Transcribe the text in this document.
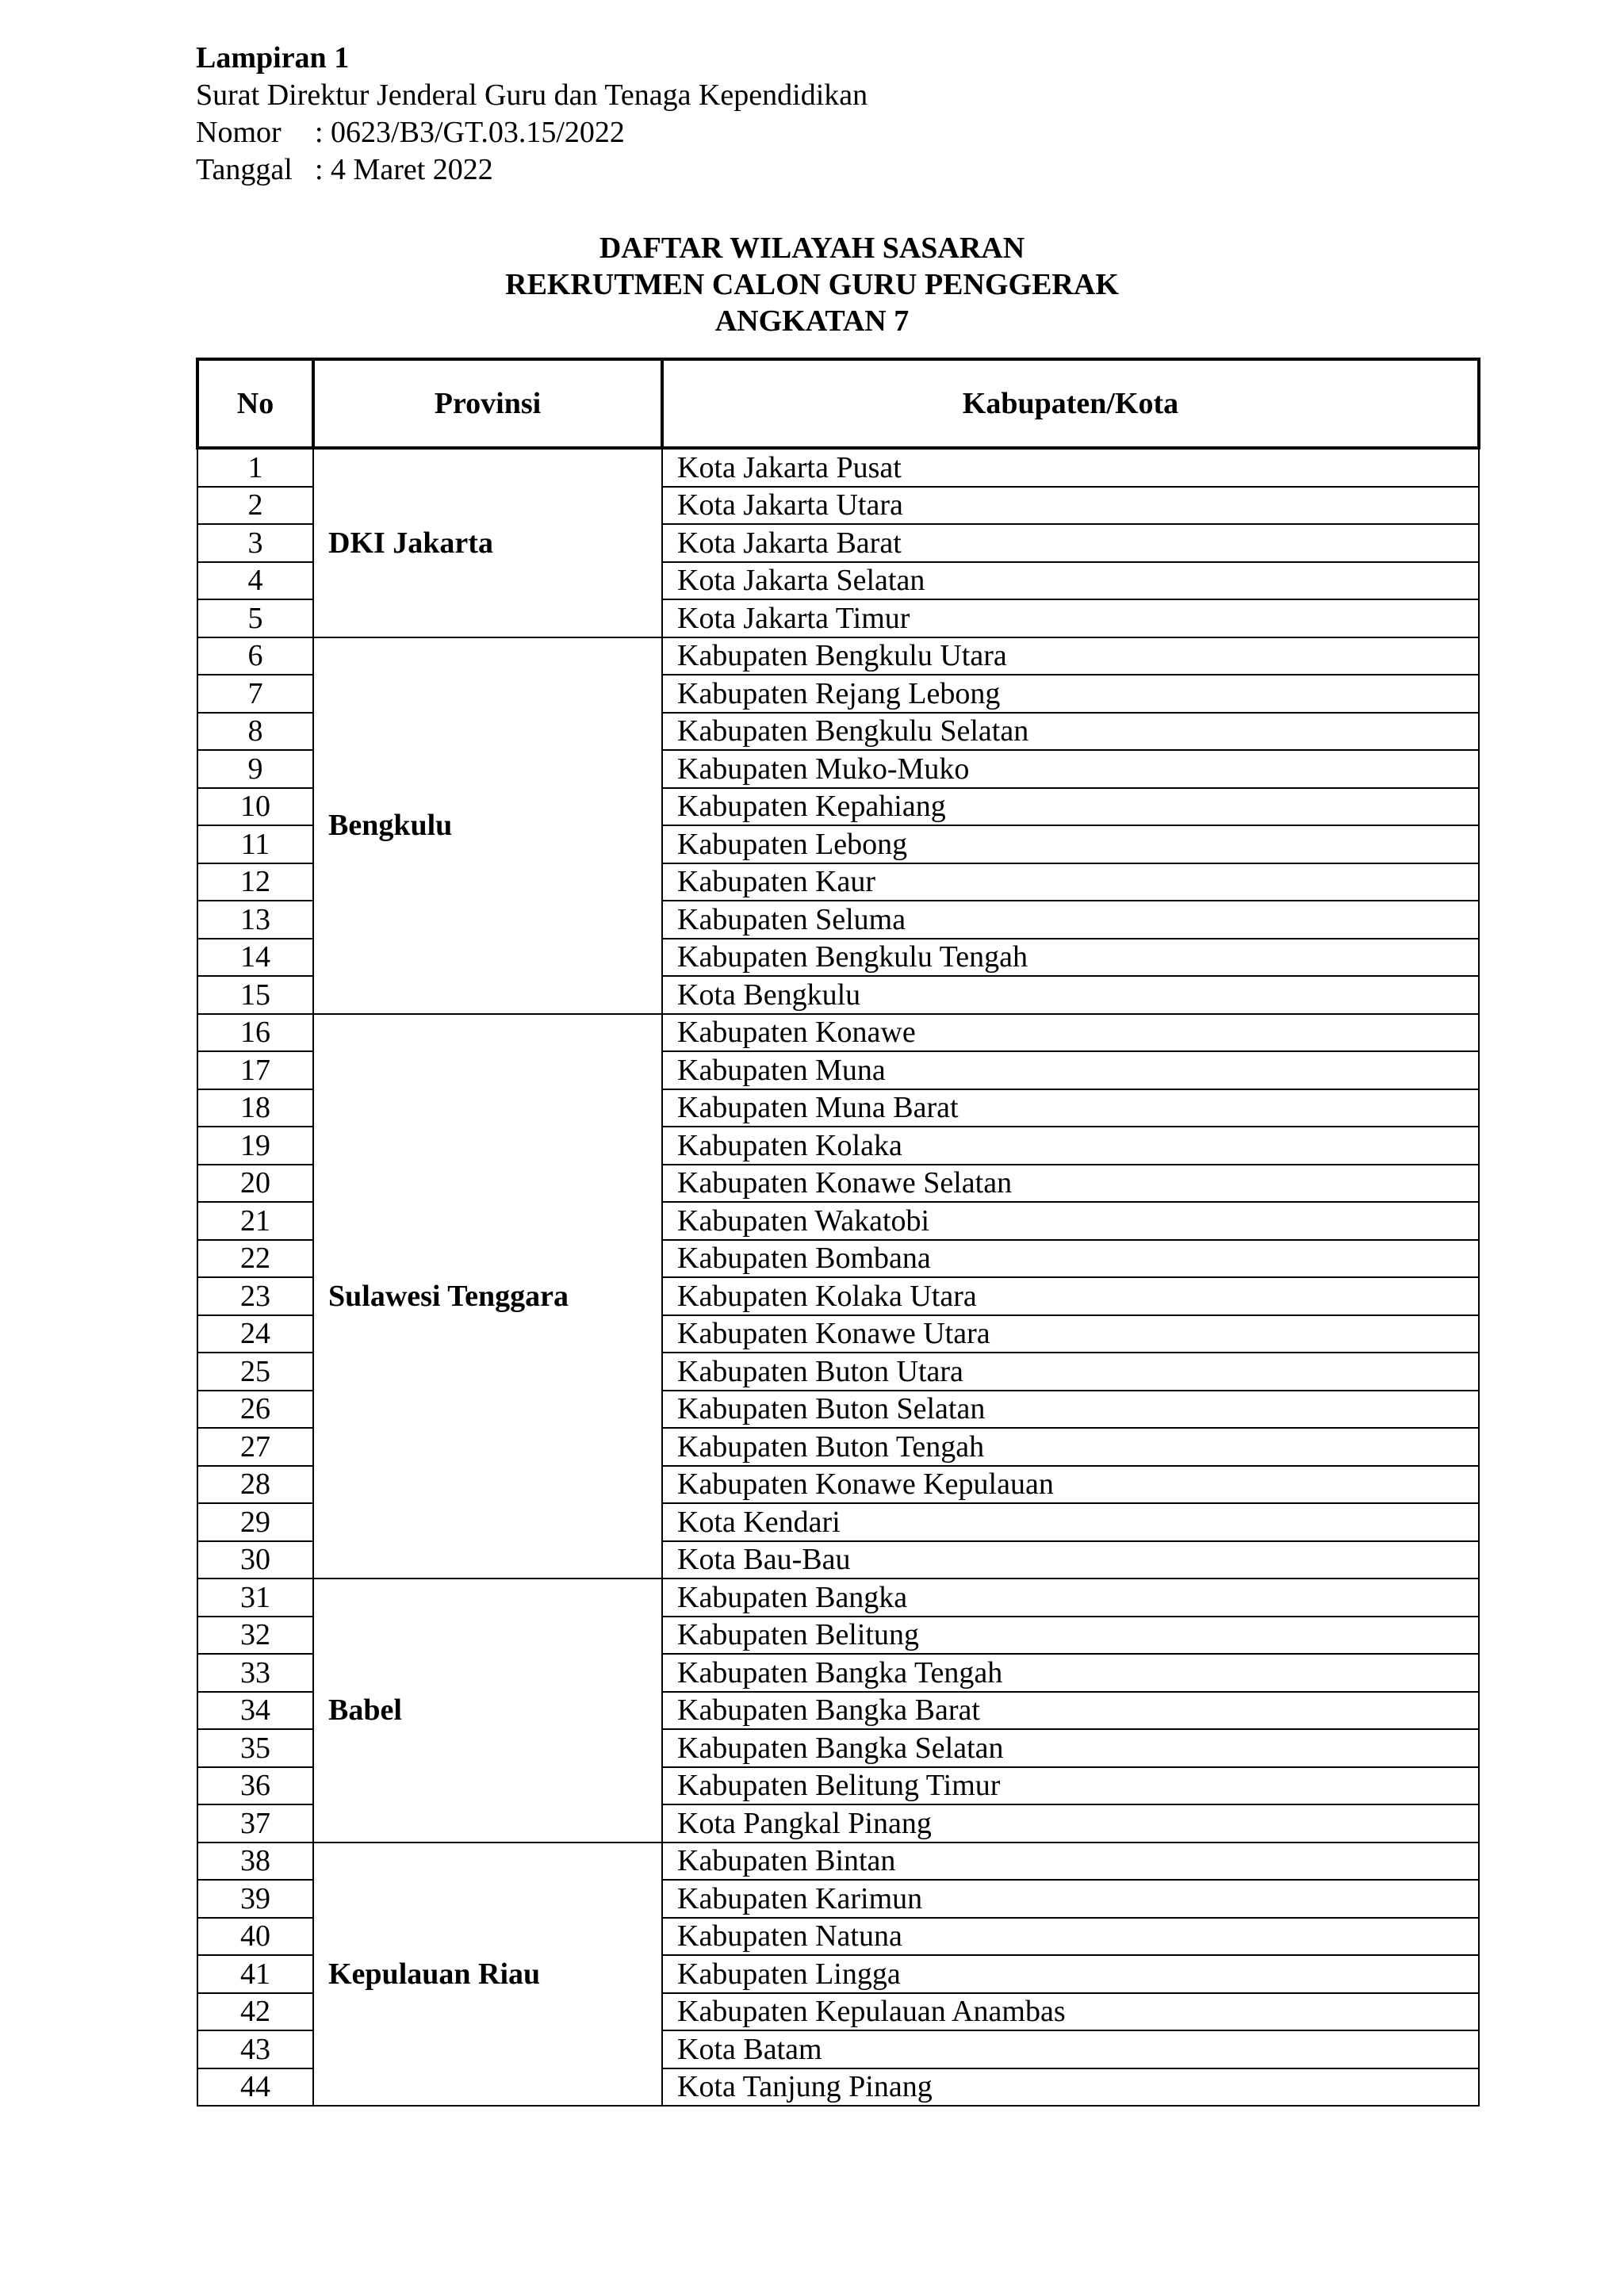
Lampiran 1
Surat Direktur Jenderal Guru dan Tenaga Kependidikan
Nomor	: 0623/B3/GT.03.15/2022
Tanggal : 4 Maret 2022
DAFTAR WILAYAH SASARAN
REKRUTMEN CALON GURU PENGGERAK
ANGKATAN 7
No	Provinsi	Kabupaten/Kota
1	DKI Jakarta	Kota Jakarta Pusat
2		Kota Jakarta Utara
3		Kota Jakarta Barat
4		Kota Jakarta Selatan
5		Kota Jakarta Timur
6	Bengkulu	Kabupaten Bengkulu Utara
7		Kabupaten Rejang Lebong
8		Kabupaten Bengkulu Selatan
9		Kabupaten Muko-Muko
10		Kabupaten Kepahiang
11		Kabupaten Lebong
12		Kabupaten Kaur
13		Kabupaten Seluma
14		Kabupaten Bengkulu Tengah
15		Kota Bengkulu
16	Sulawesi Tenggara	Kabupaten Konawe
17		Kabupaten Muna
18		Kabupaten Muna Barat
19		Kabupaten Kolaka
20		Kabupaten Konawe Selatan
21		Kabupaten Wakatobi
22		Kabupaten Bombana
23		Kabupaten Kolaka Utara
24		Kabupaten Konawe Utara
25		Kabupaten Buton Utara
26		Kabupaten Buton Selatan
27		Kabupaten Buton Tengah
28		Kabupaten Konawe Kepulauan
29		Kota Kendari
30		Kota Bau-Bau
31	Babel	Kabupaten Bangka
32		Kabupaten Belitung
33		Kabupaten Bangka Tengah
34		Kabupaten Bangka Barat
35		Kabupaten Bangka Selatan
36		Kabupaten Belitung Timur
37		Kota Pangkal Pinang
38	Kepulauan Riau	Kabupaten Bintan
39		Kabupaten Karimun
40		Kabupaten Natuna
41		Kabupaten Lingga
42		Kabupaten Kepulauan Anambas
43		Kota Batam
44		Kota Tanjung Pinang
